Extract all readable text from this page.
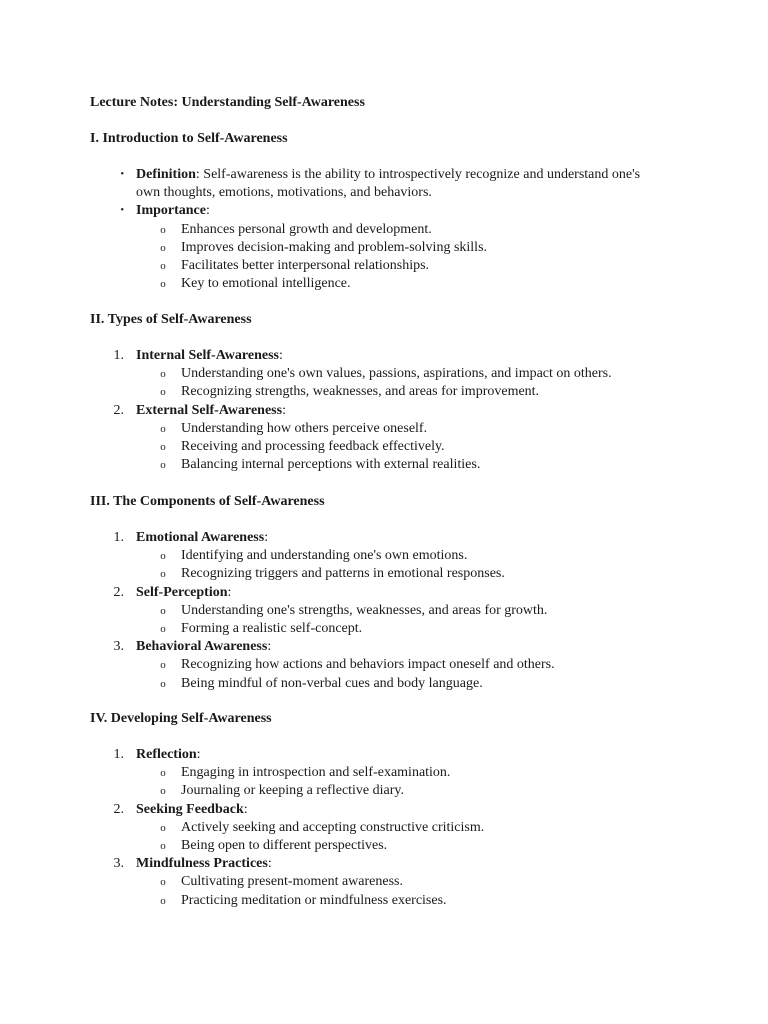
Lecture Notes: Understanding Self-Awareness
I. Introduction to Self-Awareness
• Definition: Self-awareness is the ability to introspectively recognize and understand one's own thoughts, emotions, motivations, and behaviors.
• Importance:
o Enhances personal growth and development.
o Improves decision-making and problem-solving skills.
o Facilitates better interpersonal relationships.
o Key to emotional intelligence.
II. Types of Self-Awareness
1. Internal Self-Awareness:
o Understanding one's own values, passions, aspirations, and impact on others.
o Recognizing strengths, weaknesses, and areas for improvement.
2. External Self-Awareness:
o Understanding how others perceive oneself.
o Receiving and processing feedback effectively.
o Balancing internal perceptions with external realities.
III. The Components of Self-Awareness
1. Emotional Awareness:
o Identifying and understanding one's own emotions.
o Recognizing triggers and patterns in emotional responses.
2. Self-Perception:
o Understanding one's strengths, weaknesses, and areas for growth.
o Forming a realistic self-concept.
3. Behavioral Awareness:
o Recognizing how actions and behaviors impact oneself and others.
o Being mindful of non-verbal cues and body language.
IV. Developing Self-Awareness
1. Reflection:
o Engaging in introspection and self-examination.
o Journaling or keeping a reflective diary.
2. Seeking Feedback:
o Actively seeking and accepting constructive criticism.
o Being open to different perspectives.
3. Mindfulness Practices:
o Cultivating present-moment awareness.
o Practicing meditation or mindfulness exercises.
